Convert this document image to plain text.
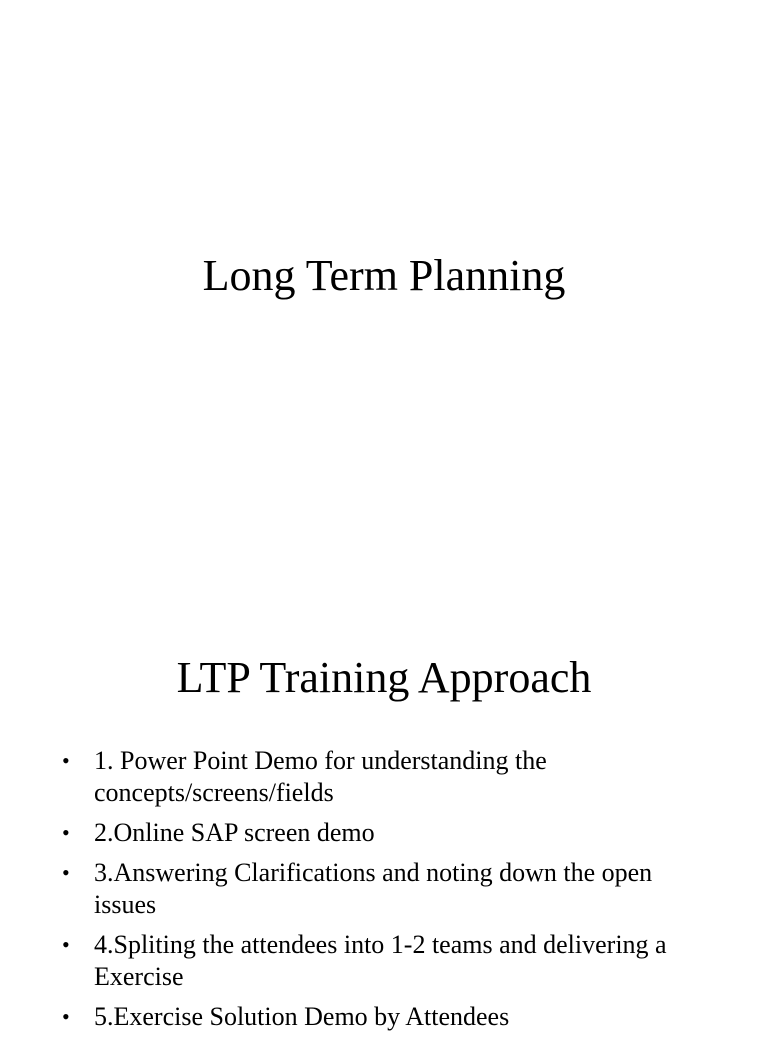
Long Term Planning
LTP Training Approach
• 1. Power Point Demo for understanding the concepts/screens/fields
• 2.Online SAP screen demo
• 3.Answering Clarifications and noting down the open issues
• 4.Spliting the attendees into 1-2 teams and delivering a Exercise
• 5.Exercise Solution Demo by Attendees
